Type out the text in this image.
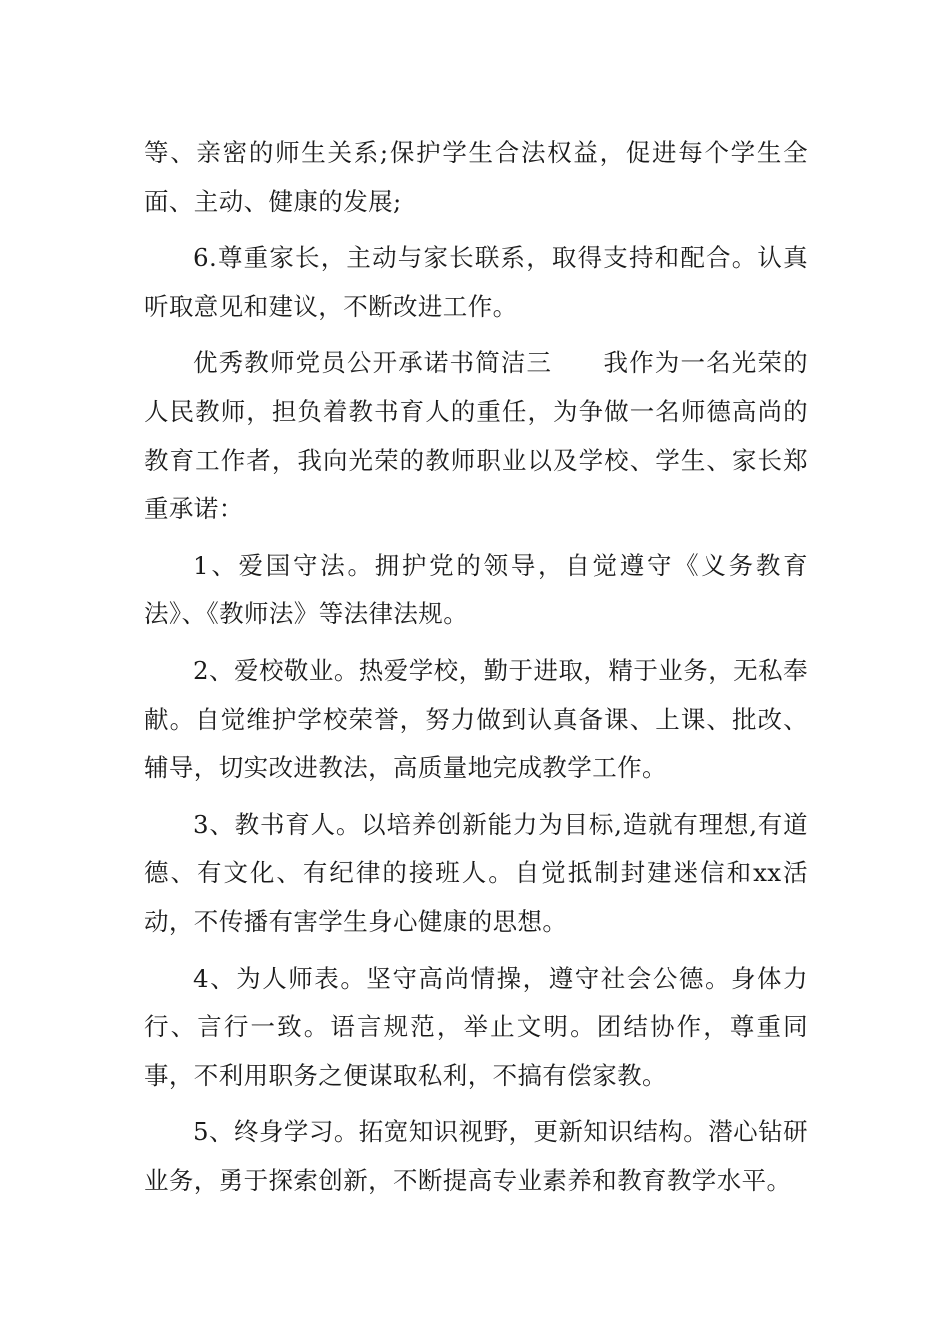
等、亲密的师生关系;保护学生合法权益，促进每个学生全面、主动、健康的发展;

6.尊重家长，主动与家长联系，取得支持和配合。认真听取意见和建议，不断改进工作。

优秀教师党员公开承诺书简洁三　　我作为一名光荣的人民教师，担负着教书育人的重任，为争做一名师德高尚的教育工作者，我向光荣的教师职业以及学校、学生、家长郑重承诺：

1、爱国守法。拥护党的领导，自觉遵守《义务教育法》、《教师法》等法律法规。

2、爱校敬业。热爱学校，勤于进取，精于业务，无私奉献。自觉维护学校荣誉，努力做到认真备课、上课、批改、辅导，切实改进教法，高质量地完成教学工作。

3、教书育人。以培养创新能力为目标,造就有理想,有道德、有文化、有纪律的接班人。自觉抵制封建迷信和xx活动，不传播有害学生身心健康的思想。

4、为人师表。坚守高尚情操，遵守社会公德。身体力行、言行一致。语言规范，举止文明。团结协作，尊重同事，不利用职务之便谋取私利，不搞有偿家教。

5、终身学习。拓宽知识视野，更新知识结构。潜心钻研业务，勇于探索创新，不断提高专业素养和教育教学水平。
